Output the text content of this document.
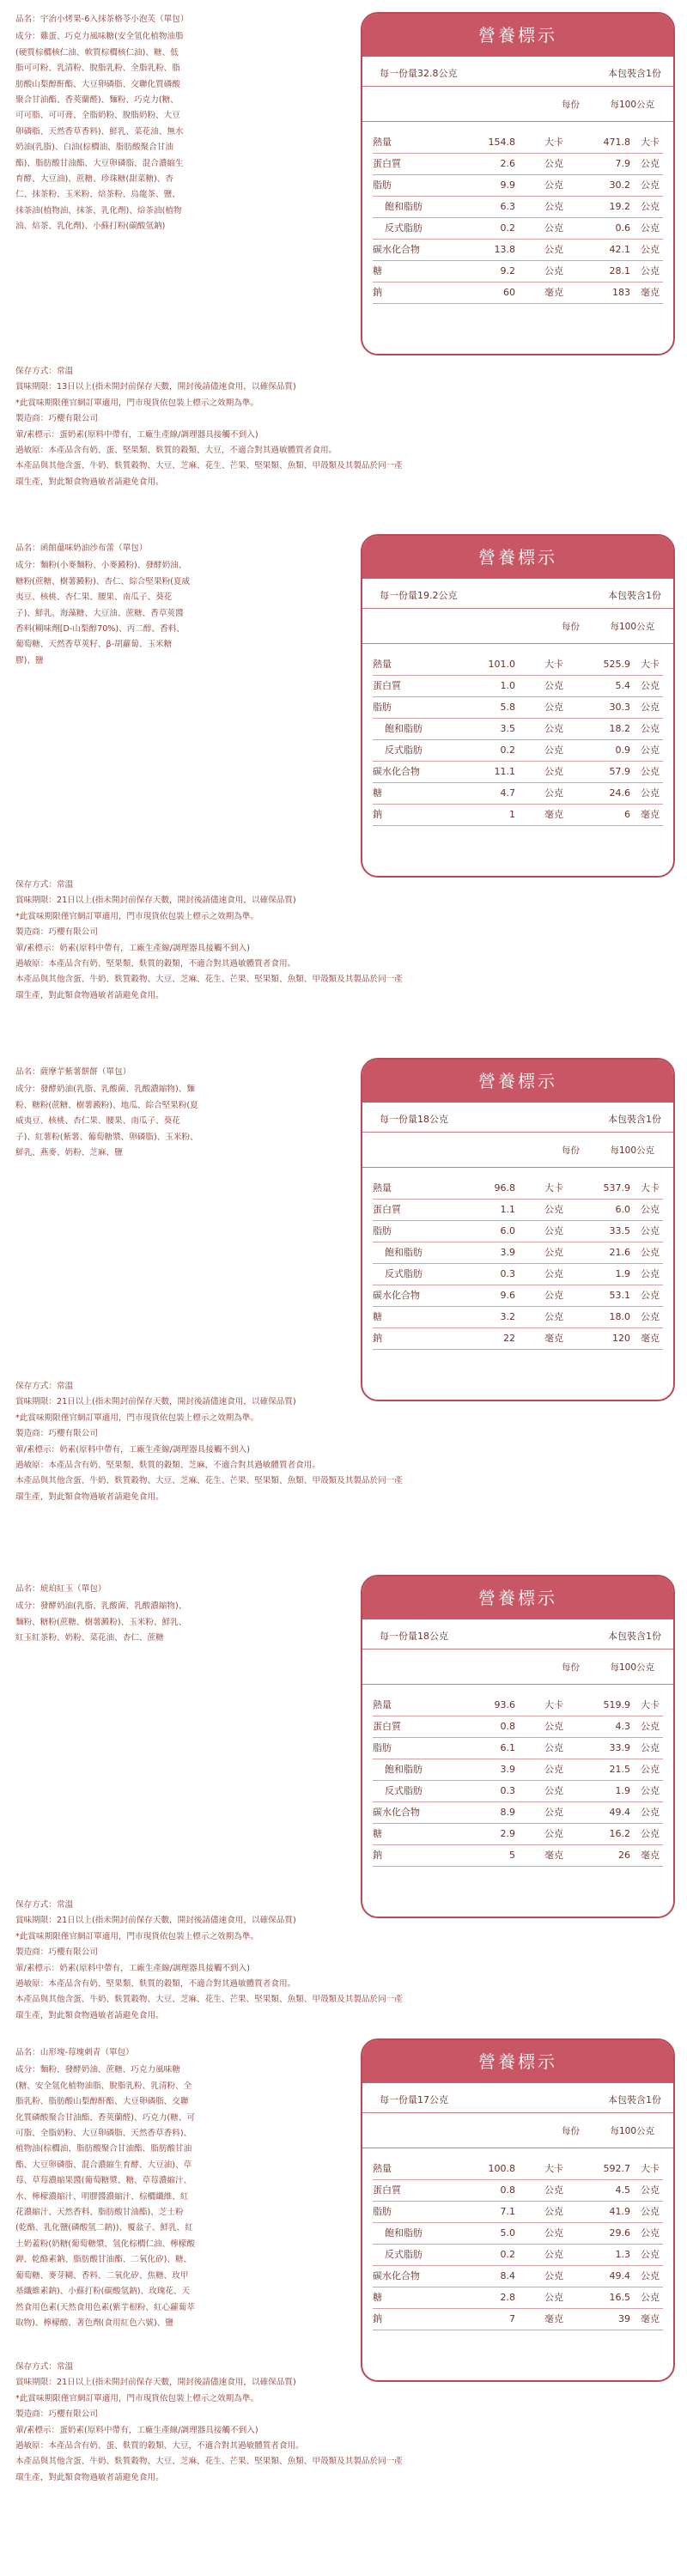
品名：宇治小烤果-6入抹茶格苓小泡芙（單包）

成分：雞蛋、巧克力風味糖(安全氫化植物油脂

(硬質棕櫚核仁油、軟質棕櫚核仁油)、糖、低

脂可可粉、乳清粉、脫脂乳粉、全脂乳粉、脂

肪酸山梨醇酐酯、大豆卵磷脂、交聯化質磷酸

聚合甘油酯、香莢蘭醛)、麵粉、巧克力(糖、

可可脂、可可膏、全脂奶粉、脫脂奶粉、大豆

卵磷脂、天然香草香料)、鮮乳、菜花油、無水

奶油(乳脂)、白油(棕櫚油、脂肪酸聚合甘油

酯)、脂肪酸甘油酯、大豆卵磷脂、混合濃縮生

育酵、大豆油)、蔗糖、珍珠糖(甜菜糖)、杏

仁、抹茶粉、玉米粉、焙茶粉、烏龍茶、鹽、

抹茶油(植物油、抹茶、乳化劑)、焙茶油(植物

油、焙茶、乳化劑)、小蘇打粉(碳酸氫鈉)

保存方式：常溫

賞味期限：13日以上(指未開封前保存天數，開封後請儘速食用，以確保品質)

*此賞味期限僅官網訂單適用，門市現貨依包裝上標示之效期為準。

製造商：巧櫻有限公司

葷/素標示：蛋奶素(原料中帶有，工廠生產線/調理器具接觸不到入)

過敏原：本產品含有奶、蛋、堅果類、麩質的穀類、大豆，不適合對其過敏體質者食用。

本產品與其他含蛋、牛奶、麩質穀物、大豆、芝麻、花生、芒果、堅果類、魚類、甲殼類及其製品於同一產

環生產，對此類食物過敏者請避免食用。

營養標示
每一份量32.8公克	本包裝含1份
每份	每100公克
熱量	154.8	大卡	471.8 大卡
蛋白質	2.6	公克	7.9 公克
脂肪	9.9	公克	30.2 公克
飽和脂肪	6.3	公克	19.2 公克
反式脂肪	0.2	公克	0.6 公克
碳水化合物	13.8	公克	42.1 公克
糖	9.2	公克	28.1 公克
鈉	60	毫克	183 毫克

品名：函館蘊味奶油沙布蕾（單包）

成分：麵粉(小麥麵粉、小麥澱粉)、發酵奶油、

糖粉(蔗糖、樹薯澱粉)、杏仁、綜合堅果粉(夏威

夷豆、核桃、杏仁果、腰果、南瓜子、葵花

子)、鮮乳、海藻糖、大豆油、蔗糖、香草莢醬

香料(糊味劑[D-山梨醇70%)、丙二醇、香料、

葡萄糖、天然香草莢籽、β-胡蘿蔔、玉米糖

膠)、鹽

保存方式：常溫

賞味期限：21日以上(指未開封前保存天數，開封後請儘速食用，以確保品質)

*此賞味期限僅官網訂單適用，門市現貨依包裝上標示之效期為準。

製造商：巧櫻有限公司

葷/素標示：奶素(原料中帶有，工廠生產線/調理器具接觸不到入)

過敏原：本產品含有奶、堅果類、麩質的穀類，不適合對其過敏體質者食用。

本產品與其他含蛋、牛奶、麩質穀物、大豆、芝麻、花生、芒果、堅果類、魚類、甲殼類及其製品於同一產

環生產，對此類食物過敏者請避免食用。

營養標示
每一份量19.2公克	本包裝含1份
每份	每100公克
熱量	101.0	大卡	525.9 大卡
蛋白質	1.0	公克	5.4 公克
脂肪	5.8	公克	30.3 公克
飽和脂肪	3.5	公克	18.2 公克
反式脂肪	0.2	公克	0.9 公克
碳水化合物	11.1	公克	57.9 公克
糖	4.7	公克	24.6 公克
鈉	1	毫克	6 毫克

品名：薩摩芋紫薯餅餅（單包）

成分：發酵奶油(乳脂、乳酸菌、乳酸濃縮物)、麵

粉、糖粉(蔗糖、樹薯澱粉)、地瓜、綜合堅果粉(夏

威夷豆、核桃、杏仁果、腰果、南瓜子、葵花

子)、紅薯粉(紫薯、葡萄糖漿、卵磷脂)、玉米粉、

鮮乳、燕麥、奶粉、芝麻、鹽

保存方式：常溫

賞味期限：21日以上(指未開封前保存天數，開封後請儘速食用，以確保品質)

*此賞味期限僅官網訂單適用，門市現貨依包裝上標示之效期為準。

製造商：巧櫻有限公司

葷/素標示：奶素(原料中帶有，工廠生產線/調理器具接觸不到入)

過敏原：本產品含有奶、堅果類、麩質的穀類、芝麻，不適合對其過敏體質者食用。

本產品與其他含蛋、牛奶、麩質穀物、大豆、芝麻、花生、芒果、堅果類、魚類、甲殼類及其製品於同一產

環生產，對此類食物過敏者請避免食用。

營養標示
每一份量18公克	本包裝含1份
每份	每100公克
熱量	96.8	大卡	537.9 大卡
蛋白質	1.1	公克	6.0 公克
脂肪	6.0	公克	33.5 公克
飽和脂肪	3.9	公克	21.6 公克
反式脂肪	0.3	公克	1.9 公克
碳水化合物	9.6	公克	53.1 公克
糖	3.2	公克	18.0 公克
鈉	22	毫克	120 毫克

品名：琥珀紅玉（單包）

成分：發酵奶油(乳脂、乳酸菌、乳酸濃縮物)、

麵粉、糖粉(蔗糖、樹薯澱粉)、玉米粉、鮮乳、

紅玉紅茶粉、奶粉、菜花油、杏仁、蔗糖

保存方式：常溫

賞味期限：21日以上(指未開封前保存天數，開封後請儘速食用，以確保品質)

*此賞味期限僅官網訂單適用，門市現貨依包裝上標示之效期為準。

製造商：巧櫻有限公司

葷/素標示：奶素(原料中帶有，工廠生產線/調理器具接觸不到入)

過敏原：本產品含有奶、堅果類、麩質的穀類，不適合對其過敏體質者食用。

本產品與其他含蛋、牛奶、麩質穀物、大豆、芝麻、花生、芒果、堅果類、魚類、甲殼類及其製品於同一產

環生產，對此類食物過敏者請避免食用。

營養標示
每一份量18公克	本包裝含1份
每份	每100公克
熱量	93.6	大卡	519.9 大卡
蛋白質	0.8	公克	4.3 公克
脂肪	6.1	公克	33.9 公克
飽和脂肪	3.9	公克	21.5 公克
反式脂肪	0.3	公克	1.9 公克
碳水化合物	8.9	公克	49.4 公克
糖	2.9	公克	16.2 公克
鈉	5	毫克	26 毫克

品名：山形塊-莓塊刺青（單包）

成分：麵粉、發酵奶油、蔗糖、巧克力風味糖

(糖、安全氫化植物油脂、脫脂乳粉、乳清粉、全

脂乳粉、脂肪酸山梨醇酐酯、大豆卵磷脂、交聯

化質磷酸聚合甘油酯、香莢蘭醛)、巧克力(糖、可

可脂、全脂奶粉、大豆卵磷脂、天然香草香料)、

植物油(棕櫚油、脂肪酸聚合甘油酯、脂肪酸甘油

酯、大豆卵磷脂、混合濃縮生育酵、大豆油)、草

莓、草莓濃縮果醬(葡萄糖漿、糖、草莓濃縮汁、

水、檸檬濃縮汁、明膠醬濃縮汁、棕櫚纖維、紅

花濃縮汁、天然香料、脂肪酸甘油酯)、芝士粉

(乾酪、乳化鹽(磷酸氫二鈉))、覆盆子、鮮乳、紅

土奶蓋粉(奶糖(葡萄糖漿、氫化棕櫚仁油、檸檬酸

鉀、乾酪素鈉、脂肪酸甘油酯、二氧化矽)、糖、

葡萄糖、麥芽糊、香料、二氧化矽、焦糖、玫甲

基纖維素鈉)、小蘇打粉(碳酸氫鈉)、玫瑰花、天

然食用色素(天然食用色素(紫芋根粉、紅心蘿蔔萃

取物)、檸檬酸、著色劑(食用紅色六號)、鹽

保存方式：常溫

賞味期限：21日以上(指未開封前保存天數，開封後請儘速食用，以確保品質)

*此賞味期限僅官網訂單適用，門市現貨依包裝上標示之效期為準。

製造商：巧櫻有限公司

葷/素標示：蛋奶素(原料中帶有，工廠生產線/調理器具接觸不到入)

過敏原：本產品含有奶、蛋、麩質的穀類、大豆，不適合對其過敏體質者食用。

本產品與其他含蛋、牛奶、麩質穀物、大豆、芝麻、花生、芒果、堅果類、魚類、甲殼類及其製品於同一產

環生產，對此類食物過敏者請避免食用。

營養標示
每一份量17公克	本包裝含1份
每份	每100公克
熱量	100.8	大卡	592.7 大卡
蛋白質	0.8	公克	4.5 公克
脂肪	7.1	公克	41.9 公克
飽和脂肪	5.0	公克	29.6 公克
反式脂肪	0.2	公克	1.3 公克
碳水化合物	8.4	公克	49.4 公克
糖	2.8	公克	16.5 公克
鈉	7	毫克	39 毫克
